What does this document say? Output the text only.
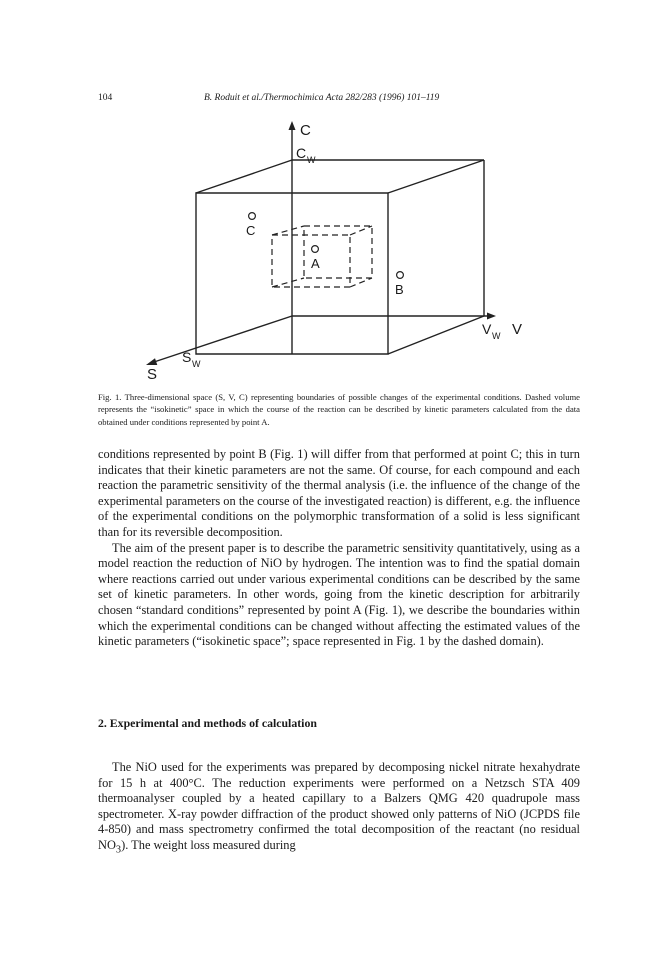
104	B. Roduit et al./Thermochimica Acta 282/283 (1996) 101–119
C
C W
C
A
B
V W V
S W
S
Fig. 1. Three-dimensional space (S, V, C) representing boundaries of possible changes of the experimental conditions. Dashed volume represents the “isokinetic” space in which the course of the reaction can be described by kinetic parameters calculated from the data obtained under conditions represented by point A.

conditions represented by point B (Fig. 1) will differ from that performed at point C; this in turn indicates that their kinetic parameters are not the same. Of course, for each compound and each reaction the parametric sensitivity of the thermal analysis (i.e. the influence of the change of the experimental parameters on the course of the investigated reaction) is different, e.g. the influence of the experimental conditions on the polymorphic transformation of a solid is less significant than for its reversible decomposition.

The aim of the present paper is to describe the parametric sensitivity quantitatively, using as a model reaction the reduction of NiO by hydrogen. The intention was to find the spatial domain where reactions carried out under various experimental conditions can be described by the same set of kinetic parameters. In other words, going from the kinetic description for arbitrarily chosen “standard conditions” represented by point A (Fig. 1), we describe the boundaries within which the experimental conditions can be changed without affecting the estimated values of the kinetic parameters (“isokinetic space”; space represented in Fig. 1 by the dashed domain).

2. Experimental and methods of calculation

The NiO used for the experiments was prepared by decomposing nickel nitrate hexahydrate for 15 h at 400°C. The reduction experiments were performed on a Netzsch STA 409 thermoanalyser coupled by a heated capillary to a Balzers QMG 420 quadrupole mass spectrometer. X-ray powder diffraction of the product showed only patterns of NiO (JCPDS file 4-850) and mass spectrometry confirmed the total decomposition of the reactant (no residual $NO_3$). The weight loss measured during
